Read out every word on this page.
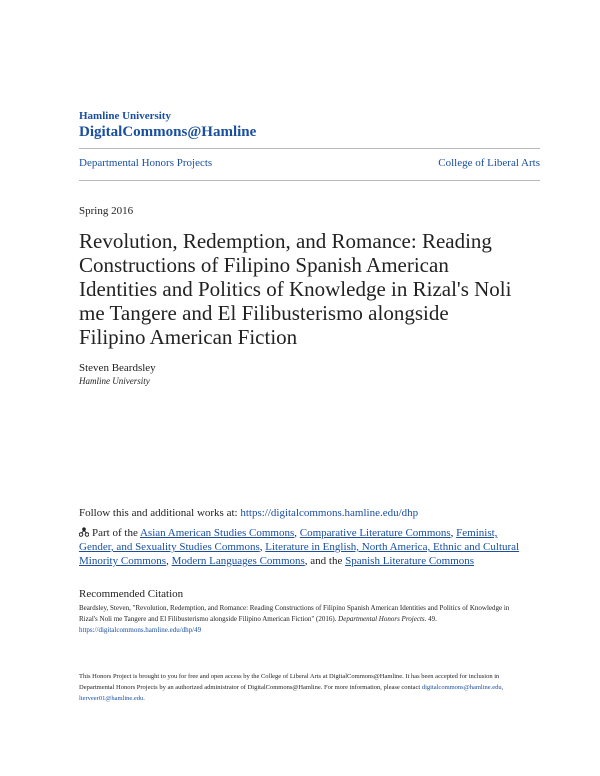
Hamline University
DigitalCommons@Hamline
Departmental Honors Projects	College of Liberal Arts
Spring 2016
Revolution, Redemption, and Romance: Reading Constructions of Filipino Spanish American Identities and Politics of Knowledge in Rizal's Noli me Tangere and El Filibusterismo alongside Filipino American Fiction
Steven Beardsley
Hamline University
Follow this and additional works at: https://digitalcommons.hamline.edu/dhp
Part of the Asian American Studies Commons, Comparative Literature Commons, Feminist, Gender, and Sexuality Studies Commons, Literature in English, North America, Ethnic and Cultural Minority Commons, Modern Languages Commons, and the Spanish Literature Commons
Recommended Citation
Beardsley, Steven, "Revolution, Redemption, and Romance: Reading Constructions of Filipino Spanish American Identities and Politics of Knowledge in Rizal's Noli me Tangere and El Filibusterismo alongside Filipino American Fiction" (2016). Departmental Honors Projects. 49.
https://digitalcommons.hamline.edu/dhp/49
This Honors Project is brought to you for free and open access by the College of Liberal Arts at DigitalCommons@Hamline. It has been accepted for inclusion in Departmental Honors Projects by an authorized administrator of DigitalCommons@Hamline. For more information, please contact digitalcommons@hamline.edu, lterveer01@hamline.edu.
